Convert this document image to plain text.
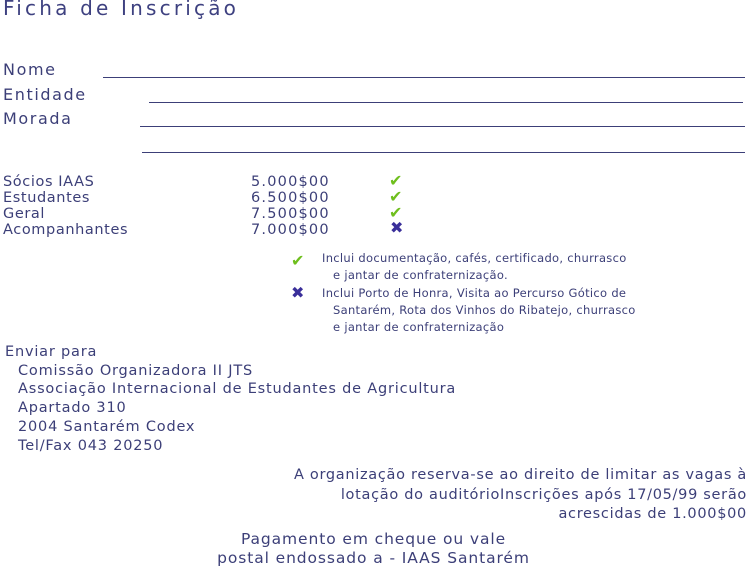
Ficha de Inscrição
Nome
Entidade
Morada
Sócios IAAS	5.000$00	✔
Estudantes	6.500$00	✔
Geral	7.500$00	✔
Acompanhantes	7.000$00	✖
✔ Inclui documentação, cafés, certificado, churrasco
e jantar de confraternização.
✖ Inclui Porto de Honra, Visita ao Percurso Gótico de
Santarém, Rota dos Vinhos do Ribatejo, churrasco
e jantar de confraternização
Enviar para
Comissão Organizadora II JTS
Associação Internacional de Estudantes de Agricultura
Apartado 310
2004 Santarém Codex
Tel/Fax 043 20250
A organização reserva-se ao direito de limitar as vagas à
lotação do auditórioInscrições após 17/05/99 serão
acrescidas de 1.000$00
Pagamento em cheque ou vale
postal endossado a - IAAS Santarém
